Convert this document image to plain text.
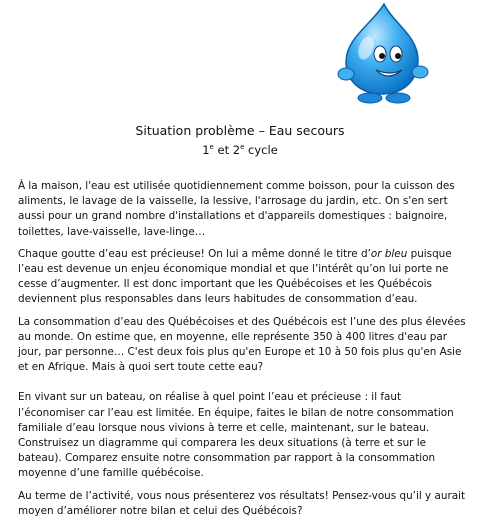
Situation problème – Eau secours
1e et 2e cycle

À la maison, l'eau est utilisée quotidiennement comme boisson, pour la cuisson des aliments, le lavage de la vaisselle, la lessive, l'arrosage du jardin, etc. On s'en sert aussi pour un grand nombre d'installations et d'appareils domestiques : baignoire, toilettes, lave-vaisselle, lave-linge…

Chaque goutte d’eau est précieuse! On lui a même donné le titre d’or bleu puisque l’eau est devenue un enjeu économique mondial et que l’intérêt qu’on lui porte ne cesse d’augmenter. Il est donc important que les Québécoises et les Québécois deviennent plus responsables dans leurs habitudes de consommation d’eau.

La consommation d’eau des Québécoises et des Québécois est l’une des plus élevées au monde. On estime que, en moyenne, elle représente 350 à 400 litres d'eau par jour, par personne… C'est deux fois plus qu'en Europe et 10 à 50 fois plus qu'en Asie et en Afrique. Mais à quoi sert toute cette eau?

En vivant sur un bateau, on réalise à quel point l’eau et précieuse : il faut l’économiser car l’eau est limitée. En équipe, faites le bilan de notre consommation familiale d’eau lorsque nous vivions à terre et celle, maintenant, sur le bateau. Construisez un diagramme qui comparera les deux situations (à terre et sur le bateau). Comparez ensuite notre consommation par rapport à la consommation moyenne d’une famille québécoise.

Au terme de l’activité, vous nous présenterez vos résultats! Pensez-vous qu’il y aurait moyen d’améliorer notre bilan et celui des Québécois?
